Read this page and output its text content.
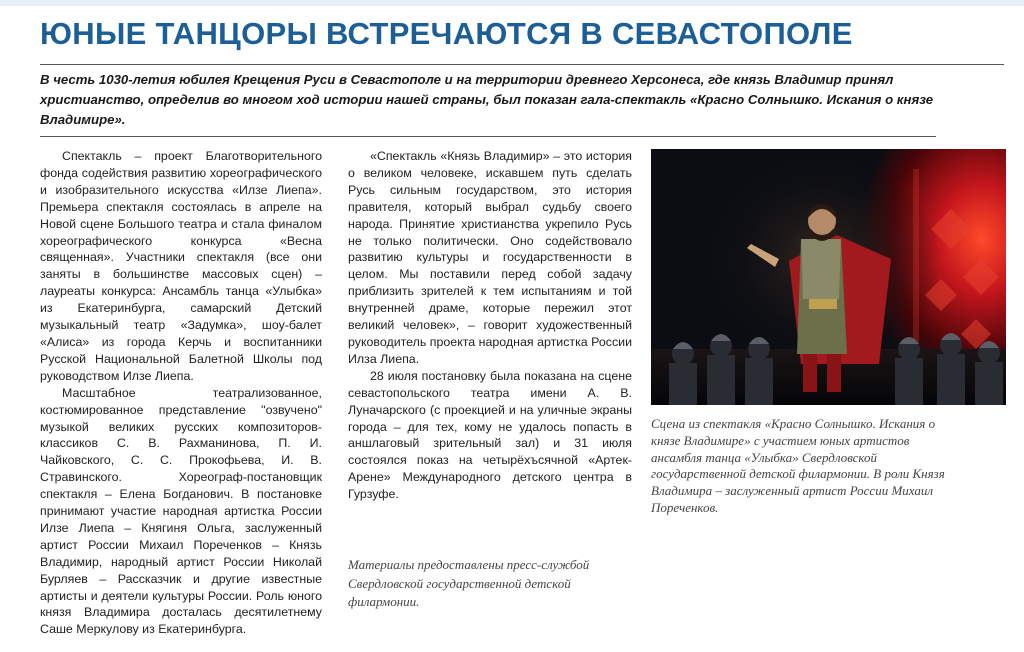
ЮНЫЕ ТАНЦОРЫ ВСТРЕЧАЮТСЯ В СЕВАСТОПОЛЕ

В честь 1030-летия юбилея Крещения Руси в Севастополе и на территории древнего Херсонеса, где князь Владимир принял христианство, определив во многом ход истории нашей страны, был показан гала-спектакль «Красно Солнышко. Искания о князе Владимире».

Спектакль – проект Благотворительного фонда содействия развитию хореографического и изобразительного искусства «Илзе Лиепа». Премьера спектакля состоялась в апреле на Новой сцене Большого театра и стала финалом хореографического конкурса «Весна священная». Участники спектакля (все они заняты в большинстве массовых сцен) – лауреаты конкурса: Ансамбль танца «Улыбка» из Екатеринбурга, самарский Детский музыкальный театр «Задумка», шоу-балет «Алиса» из города Керчь и воспитанники Русской Национальной Балетной Школы под руководством Илзе Лиепа.

Масштабное театрализованное, костюмированное представление "озвучено" музыкой великих русских композиторов-классиков С. В. Рахманинова, П. И. Чайковского, С. С. Прокофьева, И. В. Стравинского. Хореограф-постановщик спектакля – Елена Богданович. В постановке принимают участие народная артистка России Илзе Лиепа – Княгиня Ольга, заслуженный артист России Михаил Пореченков – Князь Владимир, народный артист России Николай Бурляев – Рассказчик и другие известные артисты и деятели культуры России. Роль юного князя Владимира досталась десятилетнему Саше Меркулову из Екатеринбурга.

«Спектакль «Князь Владимир» – это история о великом человеке, искавшем путь сделать Русь сильным государством, это история правителя, который выбрал судьбу своего народа. Принятие христианства укрепило Русь не только политически. Оно содействовало развитию культуры и государственности в целом. Мы поставили перед собой задачу приблизить зрителей к тем испытаниям и той внутренней драме, которые пережил этот великий человек», – говорит художественный руководитель проекта народная артистка России Илза Лиепа.

28 июля постановку была показана на сцене севастопольского театра имени А. В. Луначарского (с проекцией и на уличные экраны города – для тех, кому не удалось попасть в аншлаговый зрительный зал) и 31 июля состоялся показ на четырёхъсячной «Артек-Арене» Международного детского центра в Гурзуфе.

Материалы предоставлены пресс-службой Свердловской государственной детской филармонии.

Сцена из спектакля «Красно Солнышко. Искания о князе Владимире» с участием юных артистов ансамбля танца «Улыбка» Свердловской государственной детской филармонии. В роли Князя Владимира – заслуженный артист России Михаил Пореченков.
